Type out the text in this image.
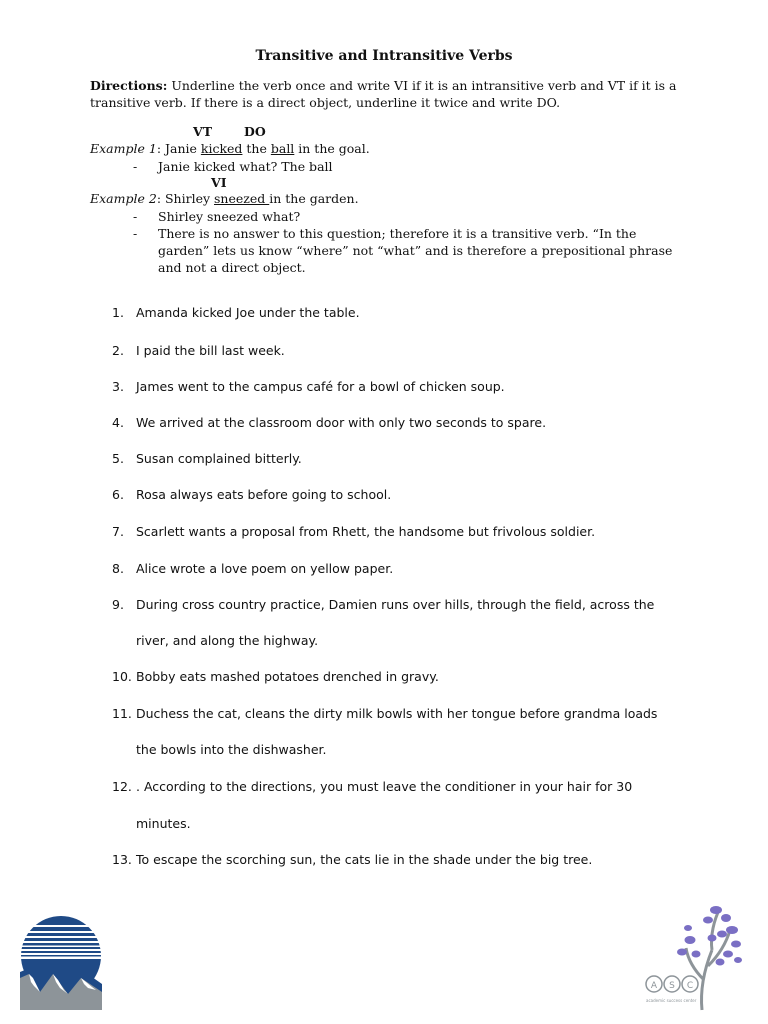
Transitive and Intransitive Verbs
Directions: Underline the verb once and write VI if it is an intransitive verb and VT if it is a transitive verb. If there is a direct object, underline it twice and write DO.
VT	DO
Example 1: Janie kicked the ball in the goal.
- Janie kicked what? The ball
VI
Example 2: Shirley sneezed in the garden.
- Shirley sneezed what?
- There is no answer to this question; therefore it is a transitive verb. “In the garden” lets us know “where” not “what” and is therefore a prepositional phrase and not a direct object.
1. Amanda kicked Joe under the table.
2. I paid the bill last week.
3. James went to the campus café for a bowl of chicken soup.
4. We arrived at the classroom door with only two seconds to spare.
5. Susan complained bitterly.
6. Rosa always eats before going to school.
7. Scarlett wants a proposal from Rhett, the handsome but frivolous soldier.
8. Alice wrote a love poem on yellow paper.
9. During cross country practice, Damien runs over hills, through the field, across the
river, and along the highway.
10. Bobby eats mashed potatoes drenched in gravy.
11. Duchess the cat, cleans the dirty milk bowls with her tongue before grandma loads
the bowls into the dishwasher.
12. . According to the directions, you must leave the conditioner in your hair for 30
minutes.
13. To escape the scorching sun, the cats lie in the shade under the big tree.
A S C
academic success center
